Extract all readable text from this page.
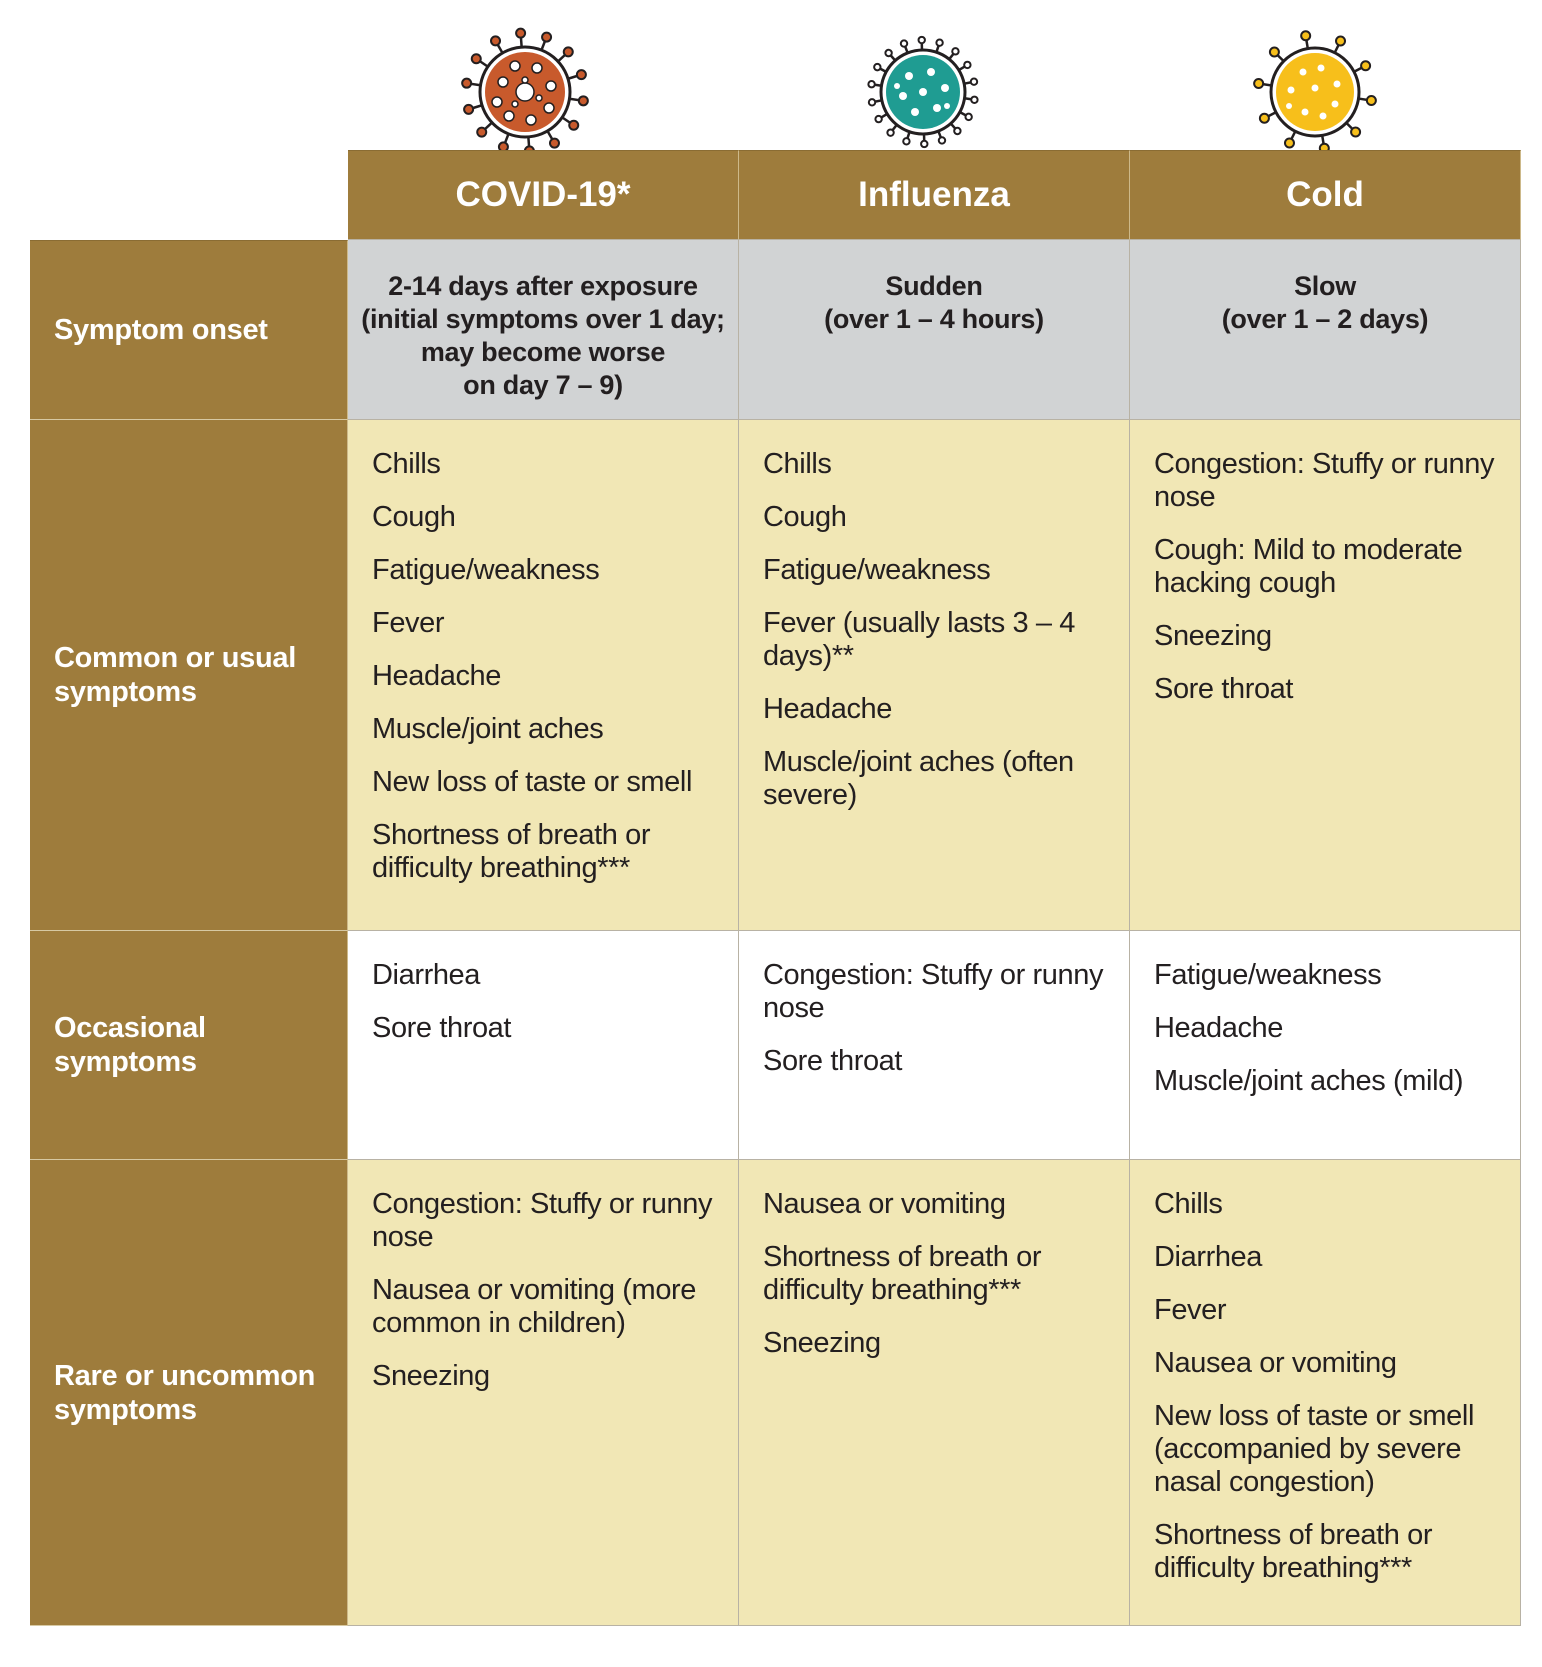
COVID-19*	Influenza	Cold
Symptom onset
2-14 days after exposure
(initial symptoms over 1 day;
may become worse
on day 7 – 9)
Sudden
(over 1 – 4 hours)
Slow
(over 1 – 2 days)
Common or usual symptoms
Chills
Cough
Fatigue/weakness
Fever
Headache
Muscle/joint aches
New loss of taste or smell
Shortness of breath or difficulty breathing***
Chills
Cough
Fatigue/weakness
Fever (usually lasts 3 – 4 days)**
Headache
Muscle/joint aches (often severe)
Congestion: Stuffy or runny nose
Cough: Mild to moderate hacking cough
Sneezing
Sore throat
Occasional symptoms
Diarrhea
Sore throat
Congestion: Stuffy or runny nose
Sore throat
Fatigue/weakness
Headache
Muscle/joint aches (mild)
Rare or uncommon symptoms
Congestion: Stuffy or runny nose
Nausea or vomiting (more common in children)
Sneezing
Nausea or vomiting
Shortness of breath or difficulty breathing***
Sneezing
Chills
Diarrhea
Fever
Nausea or vomiting
New loss of taste or smell (accompanied by severe nasal congestion)
Shortness of breath or difficulty breathing***
